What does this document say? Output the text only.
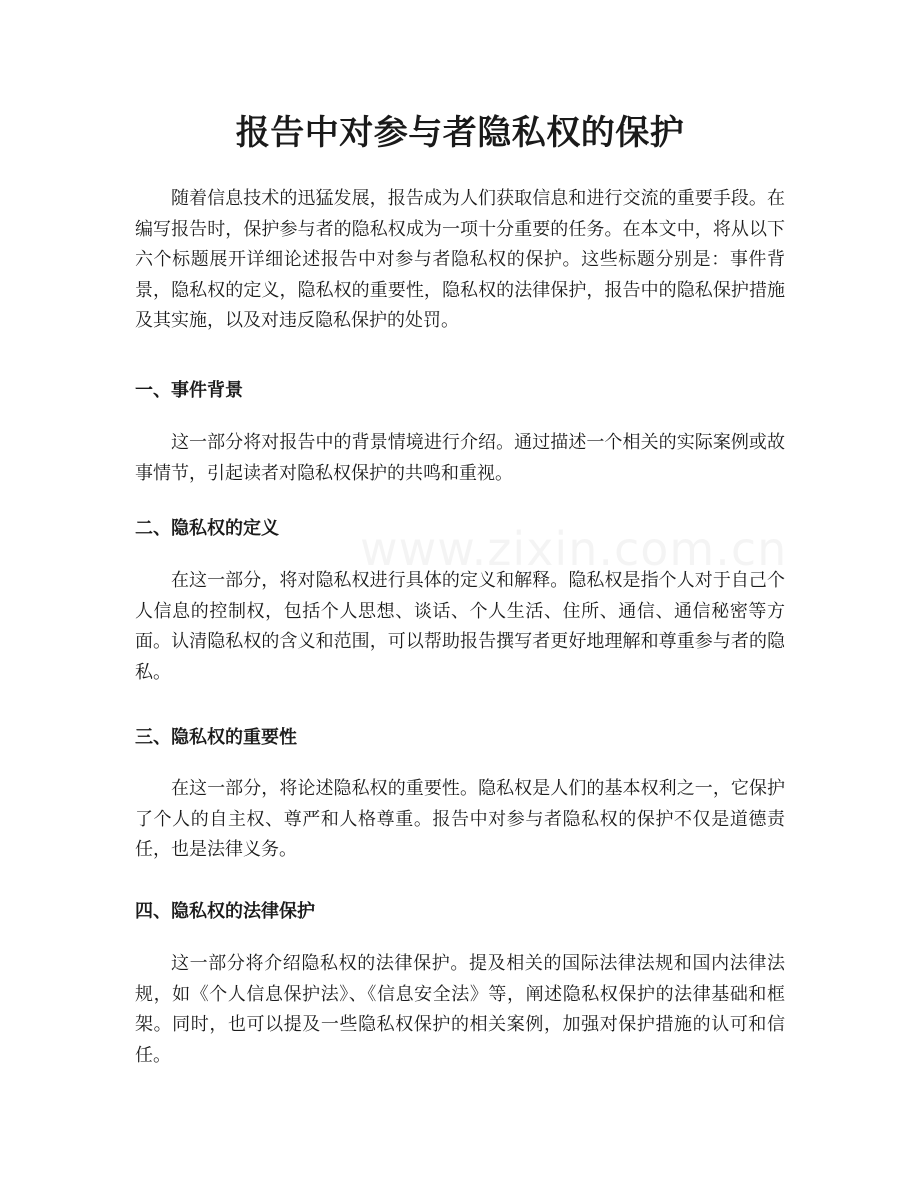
报告中对参与者隐私权的保护
随着信息技术的迅猛发展，报告成为人们获取信息和进行交流的重要手段。在编写报告时，保护参与者的隐私权成为一项十分重要的任务。在本文中，将从以下六个标题展开详细论述报告中对参与者隐私权的保护。这些标题分别是：事件背景，隐私权的定义，隐私权的重要性，隐私权的法律保护，报告中的隐私保护措施及其实施，以及对违反隐私保护的处罚。
一、事件背景
这一部分将对报告中的背景情境进行介绍。通过描述一个相关的实际案例或故事情节，引起读者对隐私权保护的共鸣和重视。
二、隐私权的定义
在这一部分，将对隐私权进行具体的定义和解释。隐私权是指个人对于自己个人信息的控制权，包括个人思想、谈话、个人生活、住所、通信、通信秘密等方面。认清隐私权的含义和范围，可以帮助报告撰写者更好地理解和尊重参与者的隐私。
三、隐私权的重要性
在这一部分，将论述隐私权的重要性。隐私权是人们的基本权利之一，它保护了个人的自主权、尊严和人格尊重。报告中对参与者隐私权的保护不仅是道德责任，也是法律义务。
四、隐私权的法律保护
这一部分将介绍隐私权的法律保护。提及相关的国际法律法规和国内法律法规，如《个人信息保护法》、《信息安全法》等，阐述隐私权保护的法律基础和框架。同时，也可以提及一些隐私权保护的相关案例，加强对保护措施的认可和信任。
